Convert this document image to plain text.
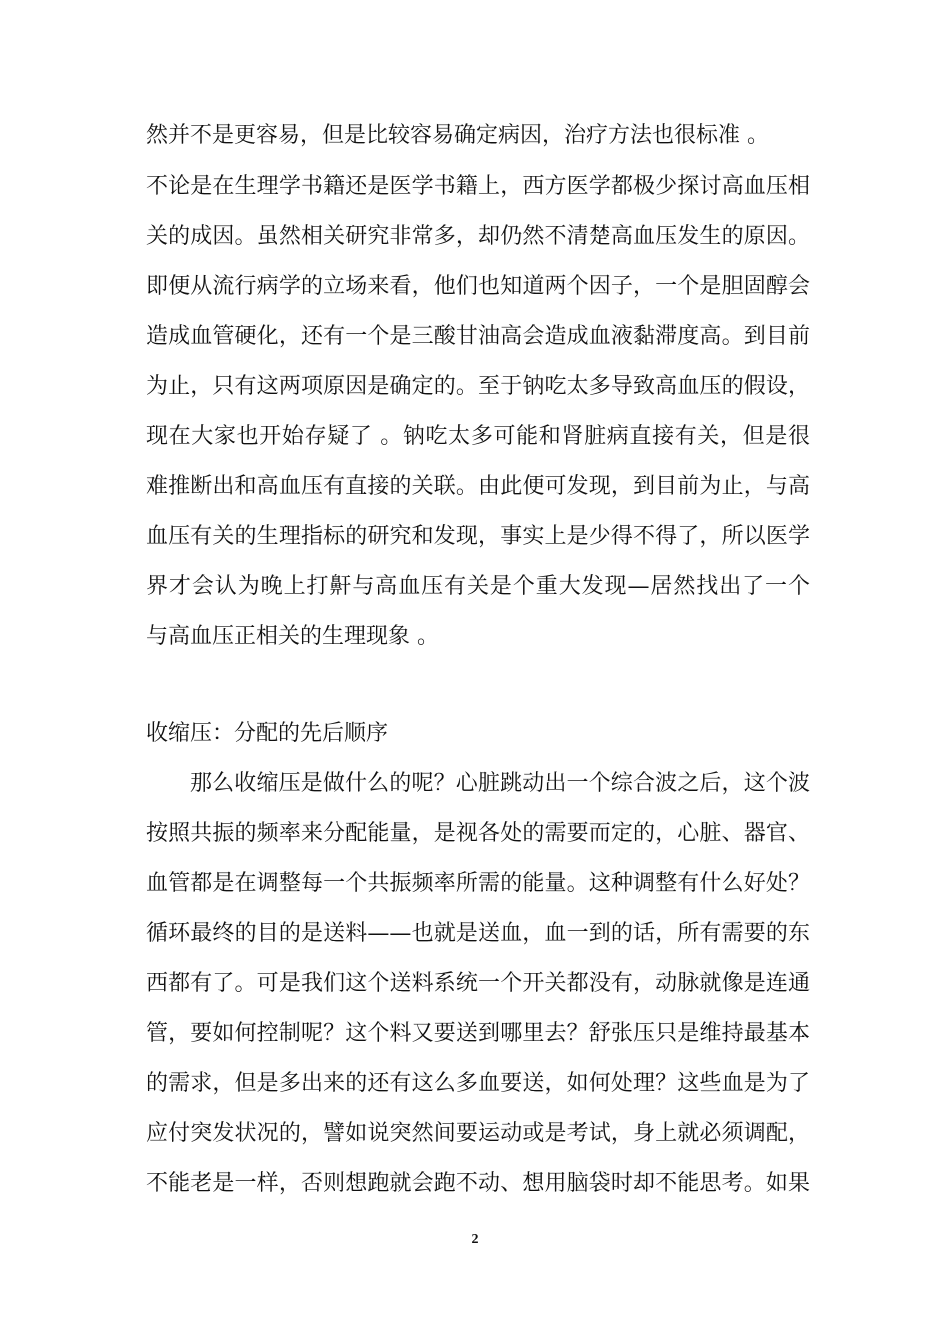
然并不是更容易，但是比较容易确定病因，治疗方法也很标准 。
不论是在生理学书籍还是医学书籍上，西方医学都极少探讨高血压相
关的成因。虽然相关研究非常多，却仍然不清楚高血压发生的原因。
即便从流行病学的立场来看，他们也知道两个因子，一个是胆固醇会
造成血管硬化，还有一个是三酸甘油高会造成血液黏滞度高。到目前
为止，只有这两项原因是确定的。至于钠吃太多导致高血压的假设，
现在大家也开始存疑了 。钠吃太多可能和肾脏病直接有关，但是很
难推断出和高血压有直接的关联。由此便可发现，到目前为止，与高
血压有关的生理指标的研究和发现，事实上是少得不得了，所以医学
界才会认为晚上打鼾与高血压有关是个重大发现—居然找出了一个
与高血压正相关的生理现象 。
收缩压：分配的先后顺序
那么收缩压是做什么的呢？心脏跳动出一个综合波之后，这个波
按照共振的频率来分配能量，是视各处的需要而定的，心脏、器官、
血管都是在调整每一个共振频率所需的能量。这种调整有什么好处？
循环最终的目的是送料——也就是送血，血一到的话，所有需要的东
西都有了。可是我们这个送料系统一个开关都没有，动脉就像是连通
管，要如何控制呢？这个料又要送到哪里去？舒张压只是维持最基本
的需求，但是多出来的还有这么多血要送，如何处理？这些血是为了
应付突发状况的，譬如说突然间要运动或是考试，身上就必须调配，
不能老是一样，否则想跑就会跑不动、想用脑袋时却不能思考。如果
2
